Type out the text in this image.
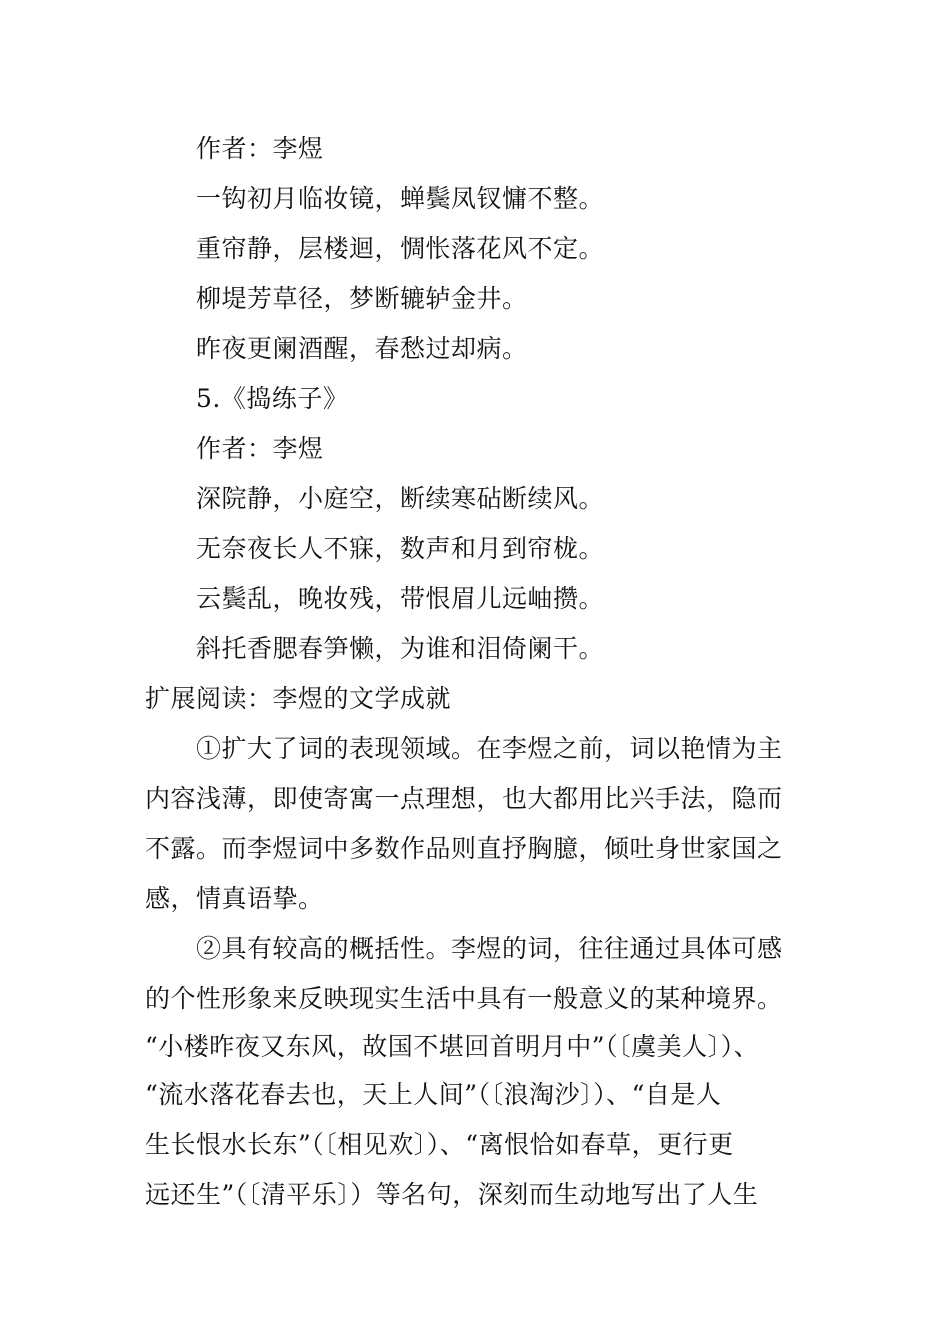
作者：李煜
一钩初月临妆镜，蝉鬓凤钗慵不整。
重帘静，层楼迴，惆怅落花风不定。
柳堤芳草径，梦断辘轳金井。
昨夜更阑酒醒，春愁过却病。
5.《捣练子》
作者：李煜
深院静，小庭空，断续寒砧断续风。
无奈夜长人不寐，数声和月到帘栊。
云鬓乱，晚妆残，带恨眉儿远岫攒。
斜托香腮春笋懒，为谁和泪倚阑干。
扩展阅读：李煜的文学成就
①扩大了词的表现领域。在李煜之前，词以艳情为主
内容浅薄，即使寄寓一点理想，也大都用比兴手法，隐而
不露。而李煜词中多数作品则直抒胸臆，倾吐身世家国之
感，情真语挚。
②具有较高的概括性。李煜的词，往往通过具体可感
的个性形象来反映现实生活中具有一般意义的某种境界。
“小楼昨夜又东风，故国不堪回首明月中”（〔虞美人〕）、
“流水落花春去也，天上人间”（〔浪淘沙〕）、“自是人
生长恨水长东”（〔相见欢〕）、“离恨恰如春草，更行更
远还生”（〔清平乐〕）等名句，深刻而生动地写出了人生
